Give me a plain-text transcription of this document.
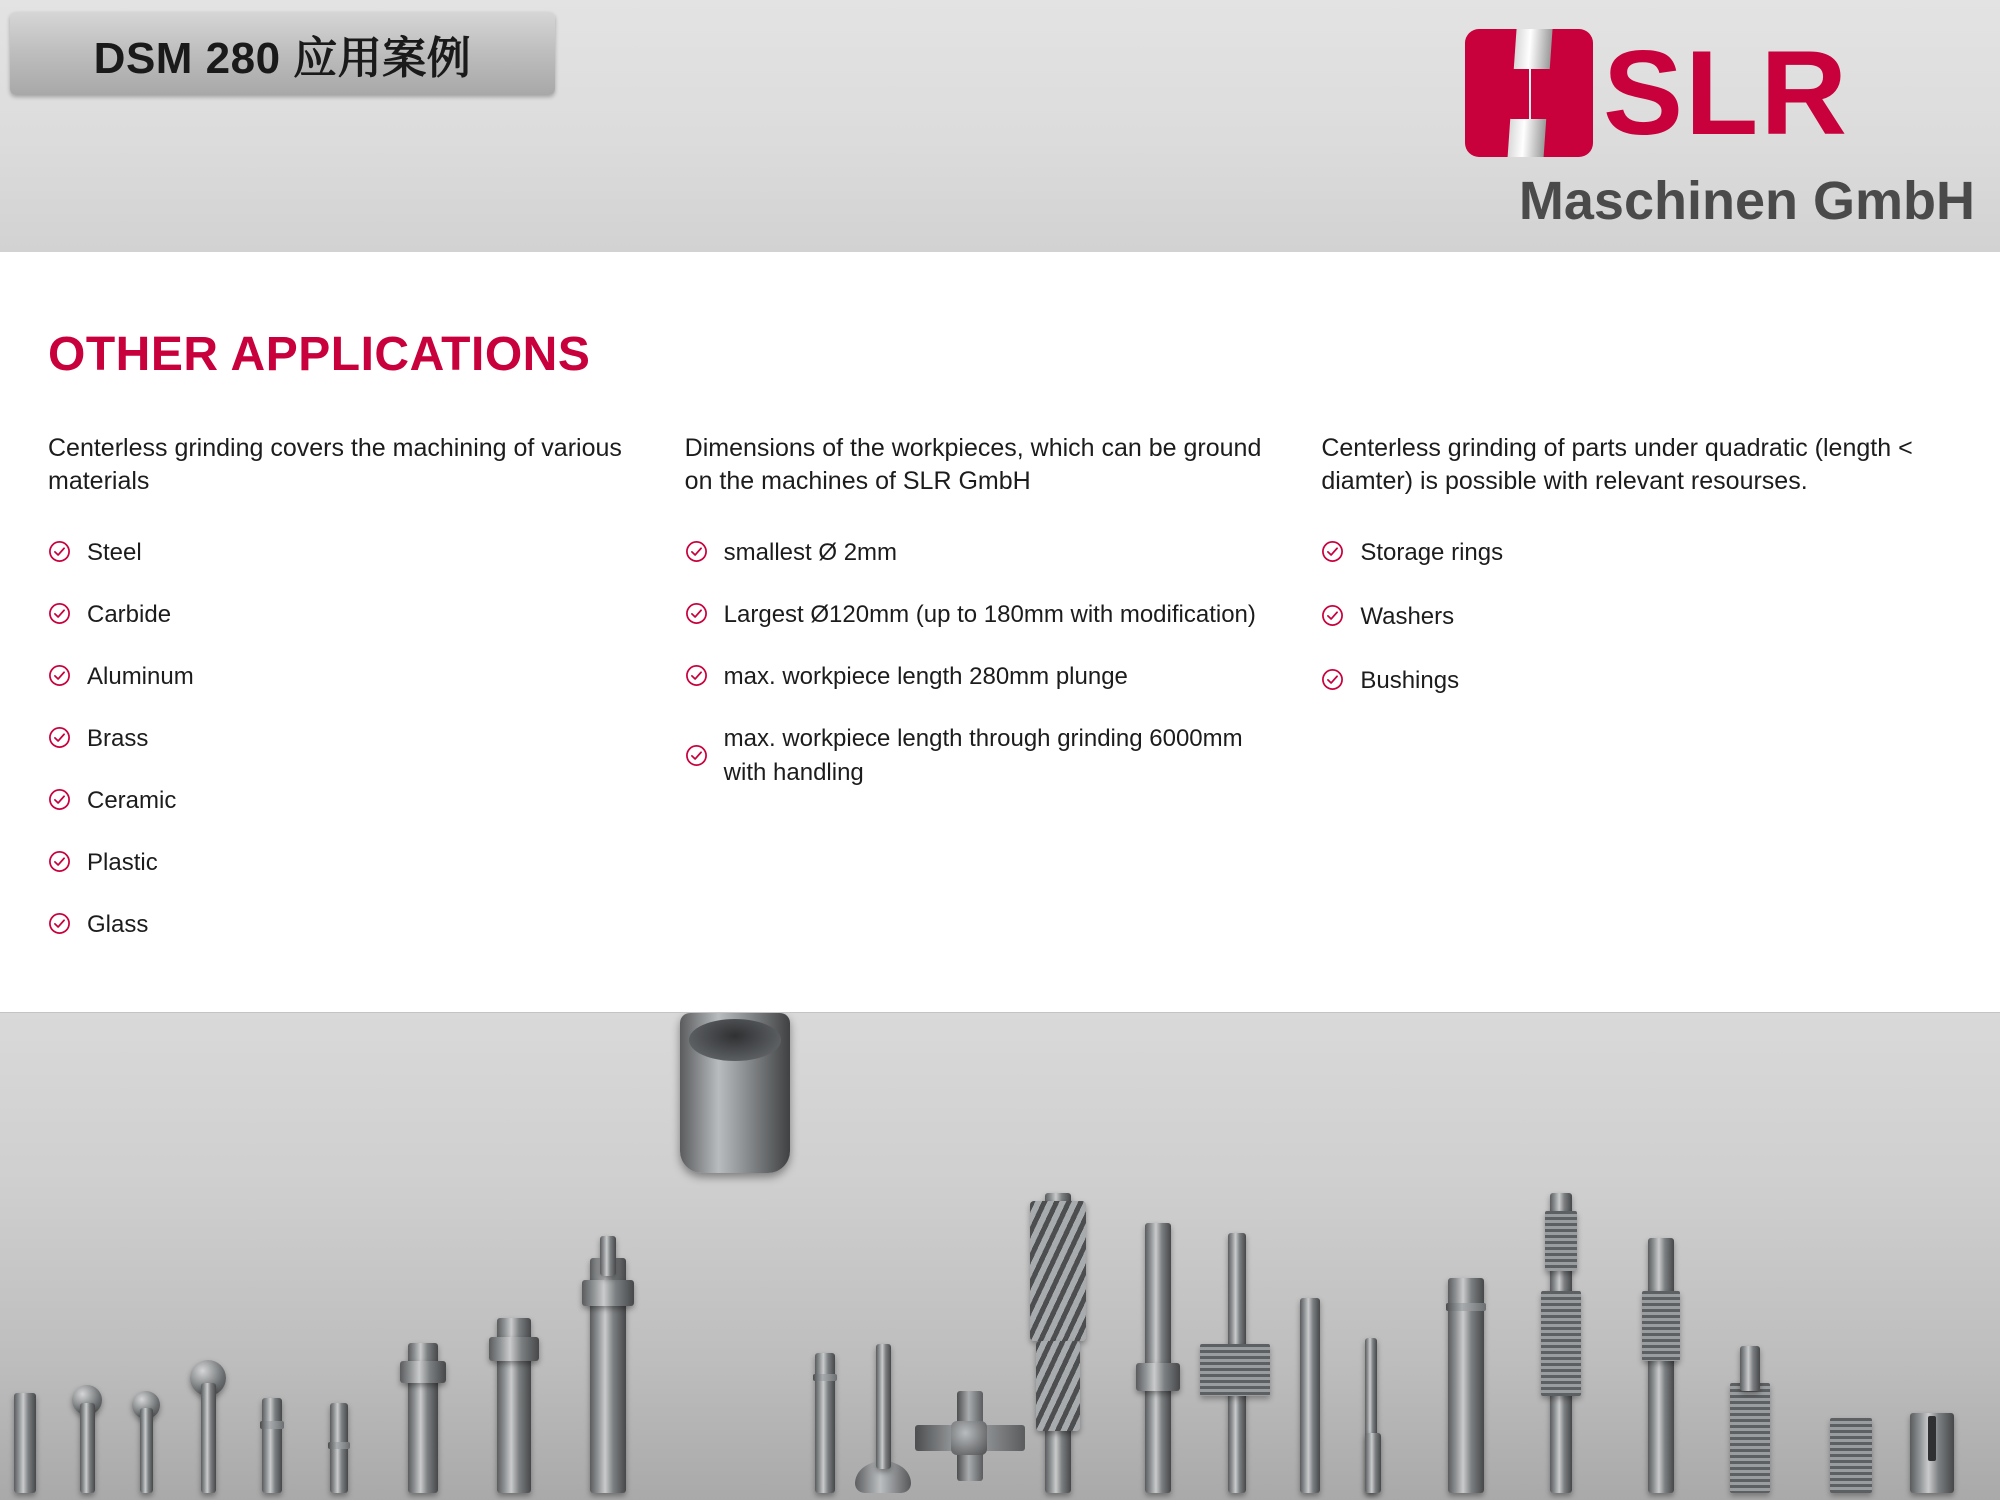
DSM 280 应用案例	SLR
Maschinen GmbH
OTHER APPLICATIONS

Centerless grinding covers the machining of various materials

Steel
Carbide
Aluminum
Brass
Ceramic
Plastic
Glass

Dimensions of the workpieces, which can be ground on the machines of SLR GmbH

smallest Ø 2mm
Largest Ø120mm (up to 180mm with modification)
max. workpiece length 280mm plunge
max. workpiece length through grinding 6000mm with handling

Centerless grinding of parts under quadratic (length < diamter) is possible with relevant resourses.

Storage rings
Washers
Bushings
